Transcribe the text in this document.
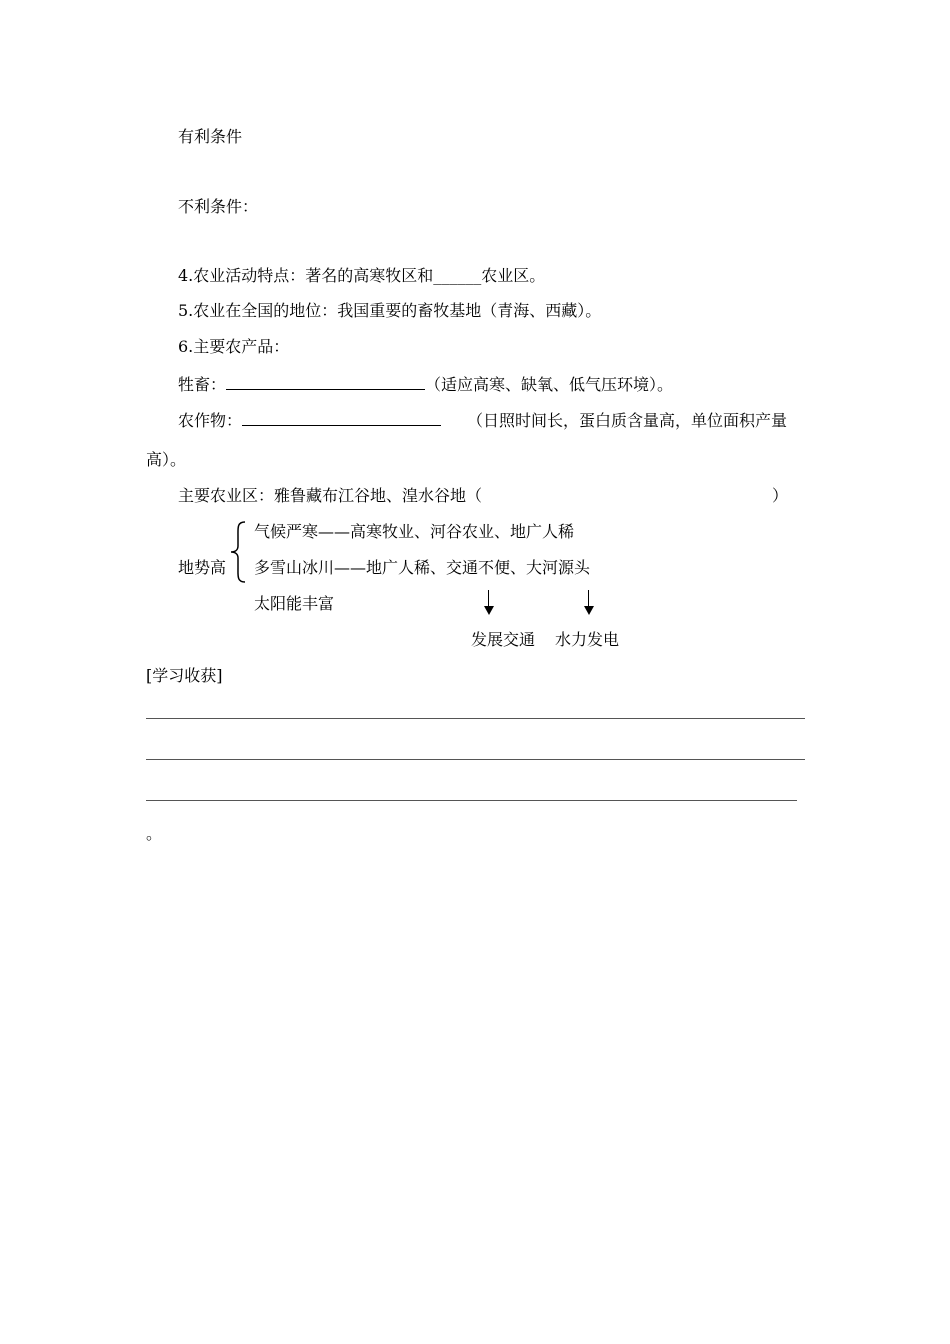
有利条件
不利条件：
4.农业活动特点：著名的高寒牧区和______农业区。
5.农业在全国的地位：我国重要的畜牧基地（青海、西藏）。
6.主要农产品：
牲畜：	（适应高寒、缺氧、低气压环境）。
农作物：	（日照时间长，蛋白质含量高，单位面积产量
高）。
主要农业区：雅鲁藏布江谷地、湟水谷地（	）
地势高
气候严寒——高寒牧业、河谷农业、地广人稀
多雪山冰川——地广人稀、交通不便、大河源头
太阳能丰富
发展交通 水力发电
[学习收获]
。
